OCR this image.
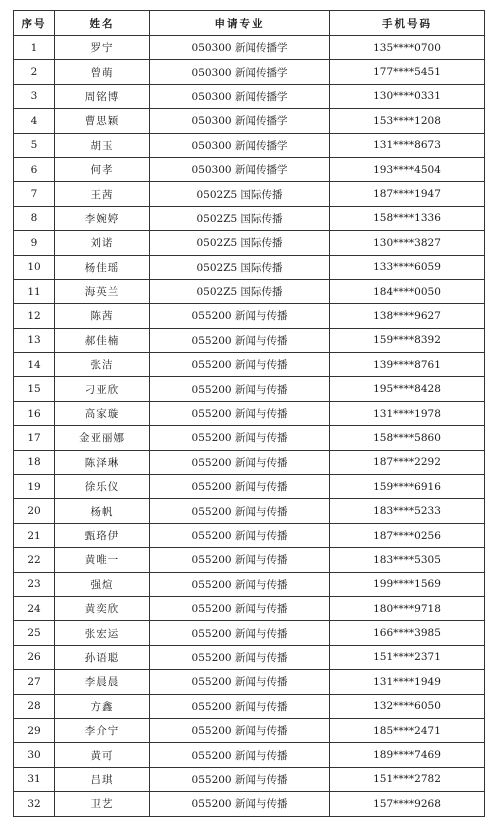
序号	姓名	申请专业	手机号码
1	罗宁	050300 新闻传播学	135****0700
2	曾萌	050300 新闻传播学	177****5451
3	周铭博	050300 新闻传播学	130****0331
4	曹思颖	050300 新闻传播学	153****1208
5	胡玉	050300 新闻传播学	131****8673
6	何孝	050300 新闻传播学	193****4504
7	王茜	0502Z5 国际传播	187****1947
8	李婉婷	0502Z5 国际传播	158****1336
9	刘诺	0502Z5 国际传播	130****3827
10	杨佳瑶	0502Z5 国际传播	133****6059
11	海英兰	0502Z5 国际传播	184****0050
12	陈茜	055200 新闻与传播	138****9627
13	郝佳楠	055200 新闻与传播	159****8392
14	张洁	055200 新闻与传播	139****8761
15	刁亚欣	055200 新闻与传播	195****8428
16	高家璇	055200 新闻与传播	131****1978
17	金亚丽娜	055200 新闻与传播	158****5860
18	陈泽琳	055200 新闻与传播	187****2292
19	徐乐仪	055200 新闻与传播	159****6916
20	杨帆	055200 新闻与传播	183****5233
21	甄珞伊	055200 新闻与传播	187****0256
22	黄唯一	055200 新闻与传播	183****5305
23	强煊	055200 新闻与传播	199****1569
24	黄奕欣	055200 新闻与传播	180****9718
25	张宏运	055200 新闻与传播	166****3985
26	孙语聪	055200 新闻与传播	151****2371
27	李晨晨	055200 新闻与传播	131****1949
28	方鑫	055200 新闻与传播	132****6050
29	李介宁	055200 新闻与传播	185****2471
30	黄可	055200 新闻与传播	189****7469
31	吕琪	055200 新闻与传播	151****2782
32	卫艺	055200 新闻与传播	157****9268
